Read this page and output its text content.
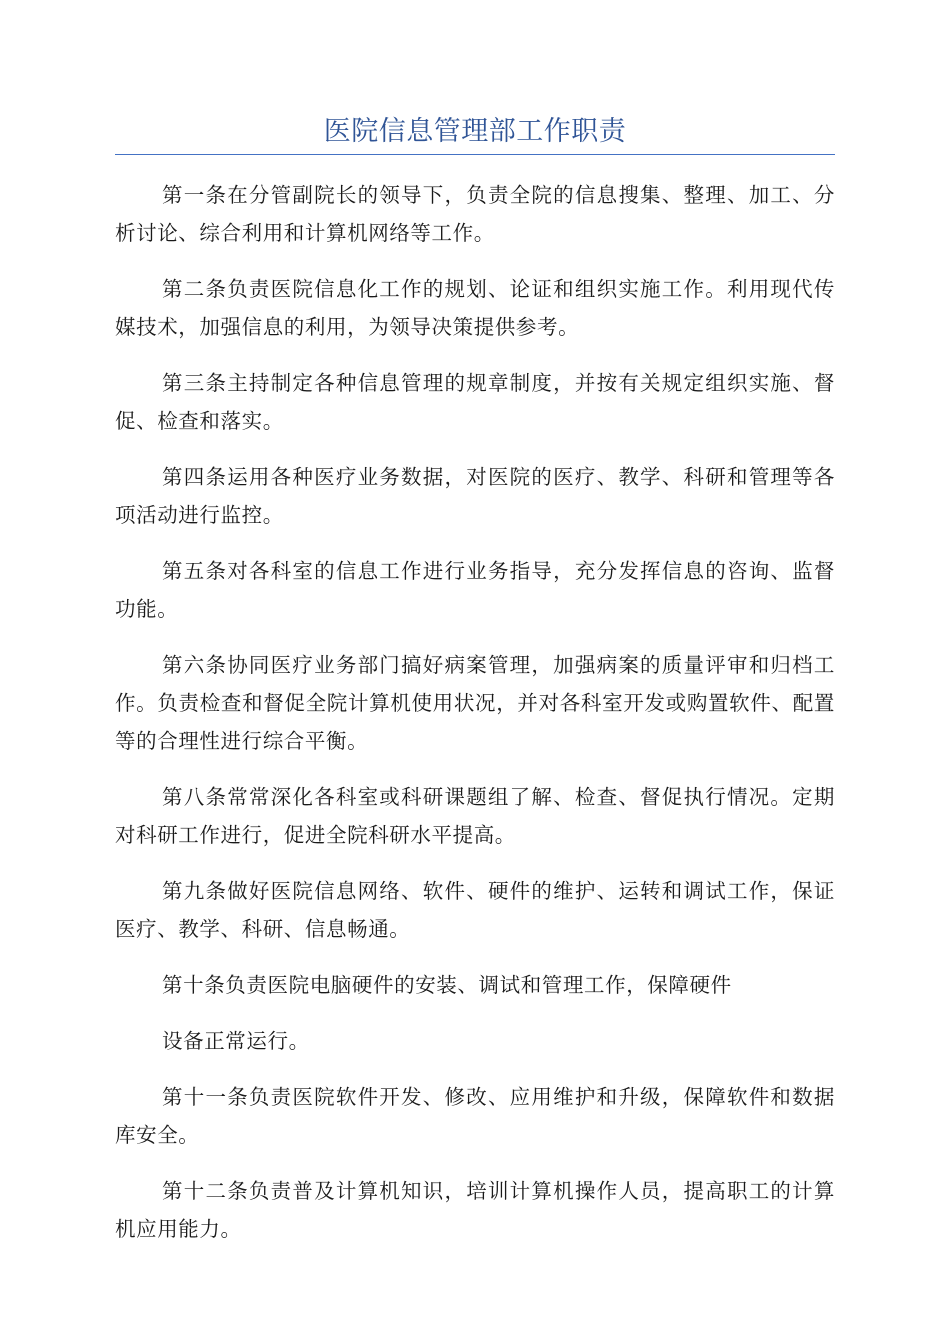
医院信息管理部工作职责

第一条在分管副院长的领导下，负责全院的信息搜集、整理、加工、分析讨论、综合利用和计算机网络等工作。

第二条负责医院信息化工作的规划、论证和组织实施工作。利用现代传媒技术，加强信息的利用，为领导决策提供参考。

第三条主持制定各种信息管理的规章制度，并按有关规定组织实施、督促、检查和落实。

第四条运用各种医疗业务数据，对医院的医疗、教学、科研和管理等各项活动进行监控。

第五条对各科室的信息工作进行业务指导，充分发挥信息的咨询、监督功能。

第六条协同医疗业务部门搞好病案管理，加强病案的质量评审和归档工作。负责检查和督促全院计算机使用状况，并对各科室开发或购置软件、配置等的合理性进行综合平衡。

第八条常常深化各科室或科研课题组了解、检查、督促执行情况。定期对科研工作进行，促进全院科研水平提高。

第九条做好医院信息网络、软件、硬件的维护、运转和调试工作，保证医疗、教学、科研、信息畅通。

第十条负责医院电脑硬件的安装、调试和管理工作，保障硬件

设备正常运行。

第十一条负责医院软件开发、修改、应用维护和升级，保障软件和数据库安全。

第十二条负责普及计算机知识，培训计算机操作人员，提高职工的计算机应用能力。
